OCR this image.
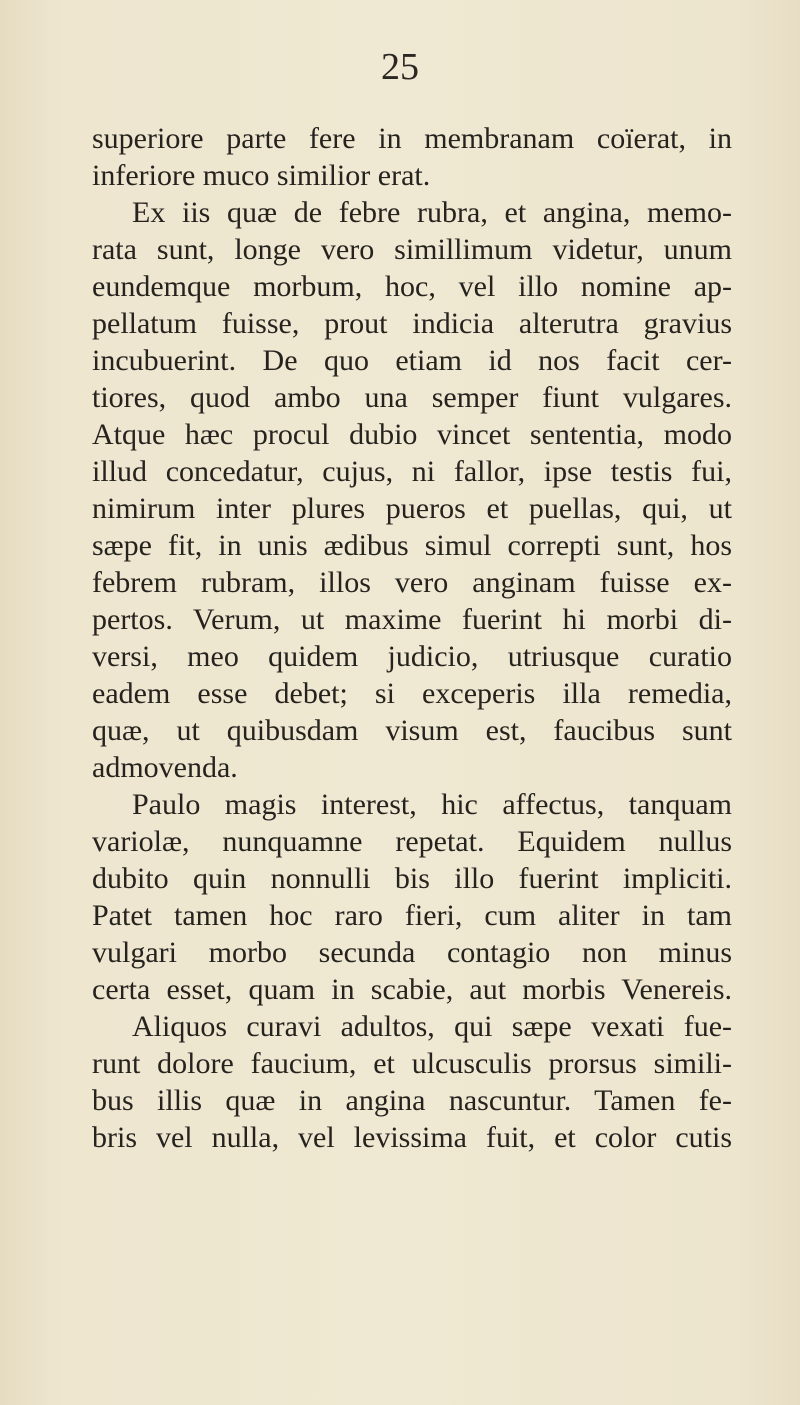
25
superiore parte fere in membranam coïerat, in
inferiore muco similior erat.
Ex iis quæ de febre rubra, et angina, memo-
rata sunt, longe vero simillimum videtur, unum
eundemque morbum, hoc, vel illo nomine ap-
pellatum fuisse, prout indicia alterutra gravius
incubuerint. De quo etiam id nos facit cer-
tiores, quod ambo una semper fiunt vulgares.
Atque hæc procul dubio vincet sententia, modo
illud concedatur, cujus, ni fallor, ipse testis fui,
nimirum inter plures pueros et puellas, qui, ut
sæpe fit, in unis ædibus simul correpti sunt, hos
febrem rubram, illos vero anginam fuisse ex-
pertos. Verum, ut maxime fuerint hi morbi di-
versi, meo quidem judicio, utriusque curatio
eadem esse debet; si exceperis illa remedia,
quæ, ut quibusdam visum est, faucibus sunt
admovenda.
Paulo magis interest, hic affectus, tanquam
variolæ, nunquamne repetat. Equidem nullus
dubito quin nonnulli bis illo fuerint impliciti.
Patet tamen hoc raro fieri, cum aliter in tam
vulgari morbo secunda contagio non minus
certa esset, quam in scabie, aut morbis Venereis.
Aliquos curavi adultos, qui sæpe vexati fue-
runt dolore faucium, et ulcusculis prorsus simili-
bus illis quæ in angina nascuntur. Tamen fe-
bris vel nulla, vel levissima fuit, et color cutis
